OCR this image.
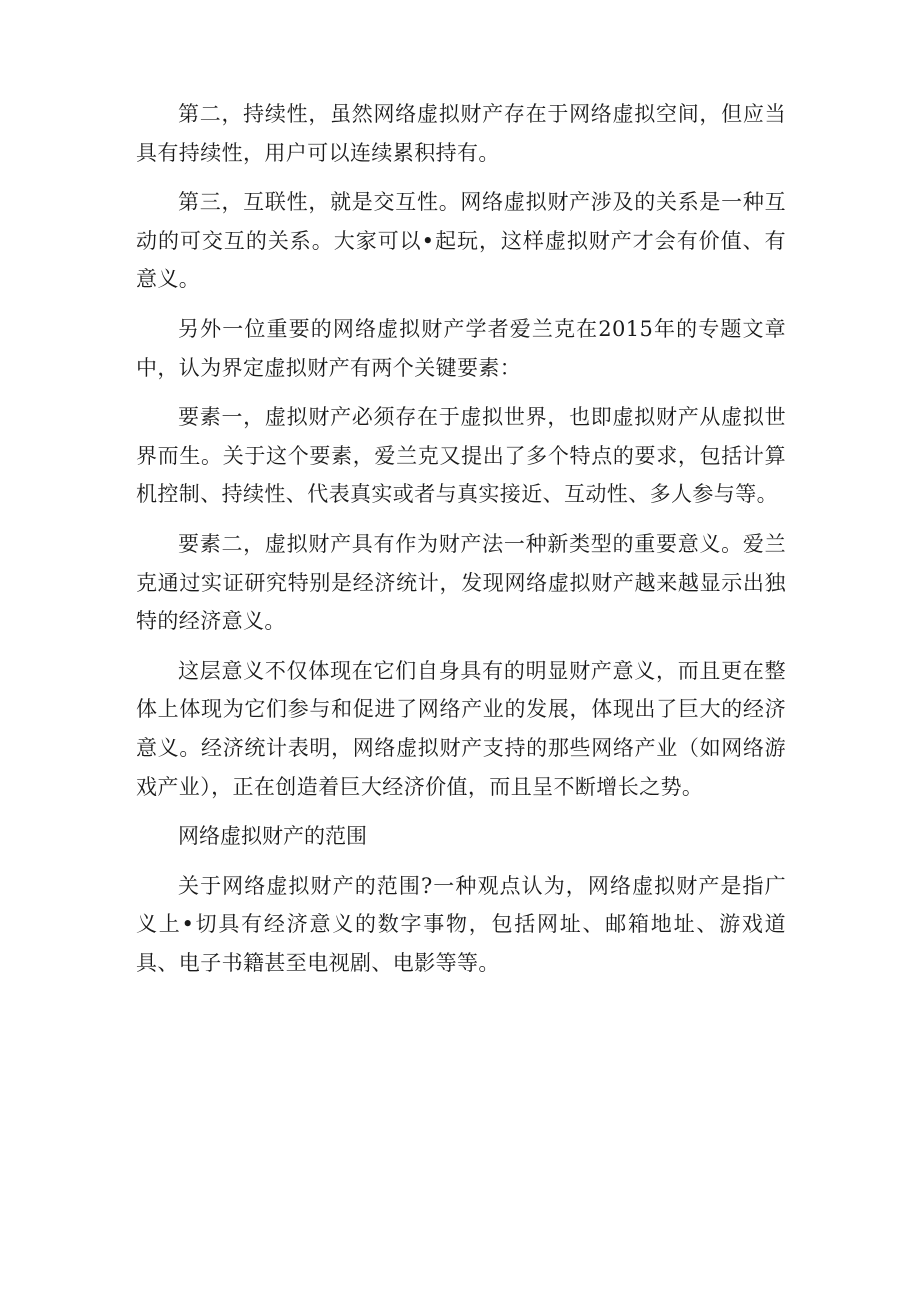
第二，持续性，虽然网络虚拟财产存在于网络虚拟空间，但应当具有持续性，用户可以连续累积持有。

第三，互联性，就是交互性。网络虚拟财产涉及的关系是一种互动的可交互的关系。大家可以•起玩，这样虚拟财产才会有价值、有意义。

另外一位重要的网络虚拟财产学者爱兰克在2015年的专题文章中，认为界定虚拟财产有两个关键要素：

要素一，虚拟财产必须存在于虚拟世界，也即虚拟财产从虚拟世界而生。关于这个要素，爱兰克又提出了多个特点的要求，包括计算机控制、持续性、代表真实或者与真实接近、互动性、多人参与等。

要素二，虚拟财产具有作为财产法一种新类型的重要意义。爱兰克通过实证研究特别是经济统计，发现网络虚拟财产越来越显示出独特的经济意义。

这层意义不仅体现在它们自身具有的明显财产意义，而且更在整体上体现为它们参与和促进了网络产业的发展，体现出了巨大的经济意义。经济统计表明，网络虚拟财产支持的那些网络产业（如网络游戏产业），正在创造着巨大经济价值，而且呈不断增长之势。

网络虚拟财产的范围

关于网络虚拟财产的范围?一种观点认为，网络虚拟财产是指广义上•切具有经济意义的数字事物，包括网址、邮箱地址、游戏道具、电子书籍甚至电视剧、电影等等。
